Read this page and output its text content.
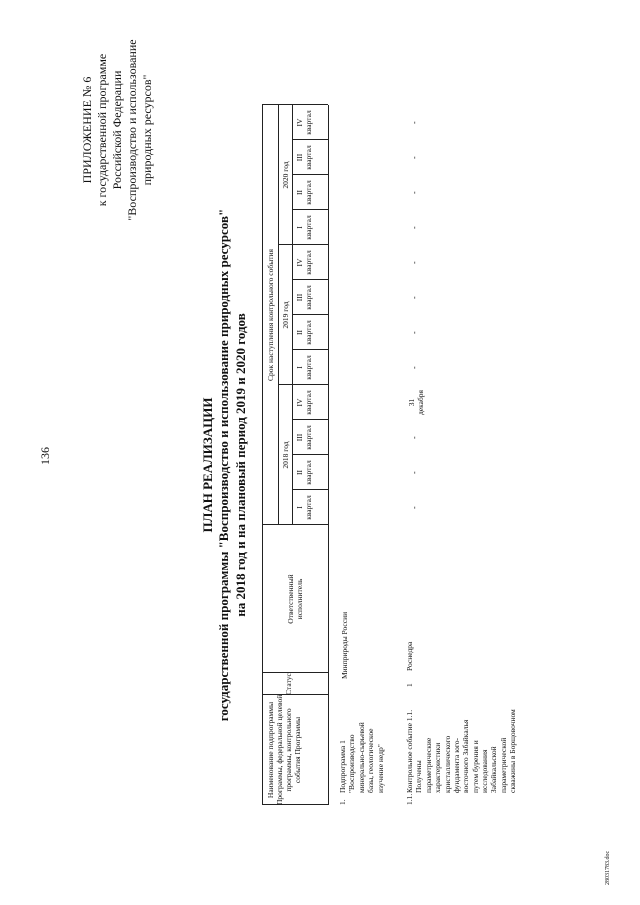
136
ПРИЛОЖЕНИЕ № 6 к государственной программе Российской Федерации "Воспроизводство и использование природных ресурсов"
ПЛАН РЕАЛИЗАЦИИ государственной программы "Воспроизводство и использование природных ресурсов" на 2018 год и на плановый период 2019 и 2020 годов
Наименование подпрограммы Программы, федеральной целевой программы, контрольного события Программы
Статус
Ответственный исполнитель
Срок наступления контрольного события
2018 год
2019 год
2020 год
I квартал
II квартал
III квартал
IV квартал
I квартал
II квартал
III квартал
IV квартал
I квартал
II квартал
III квартал
IV квартал
1.
Подпрограмма 1 "Воспроизводство минерально-сырьевой базы, геологическое изучение недр"
Минприроды России
1.1.
Контрольное событие 1.1. Получены параметрические характеристики кристаллического фундамента юго- восточного Забайкалья путем бурения и исследования Забайкальской параметрической скважины в Борщовочном
1
Роснедра
-
-
-
31 декабря
-
-
-
-
-
-
-
-
28031783.doc
